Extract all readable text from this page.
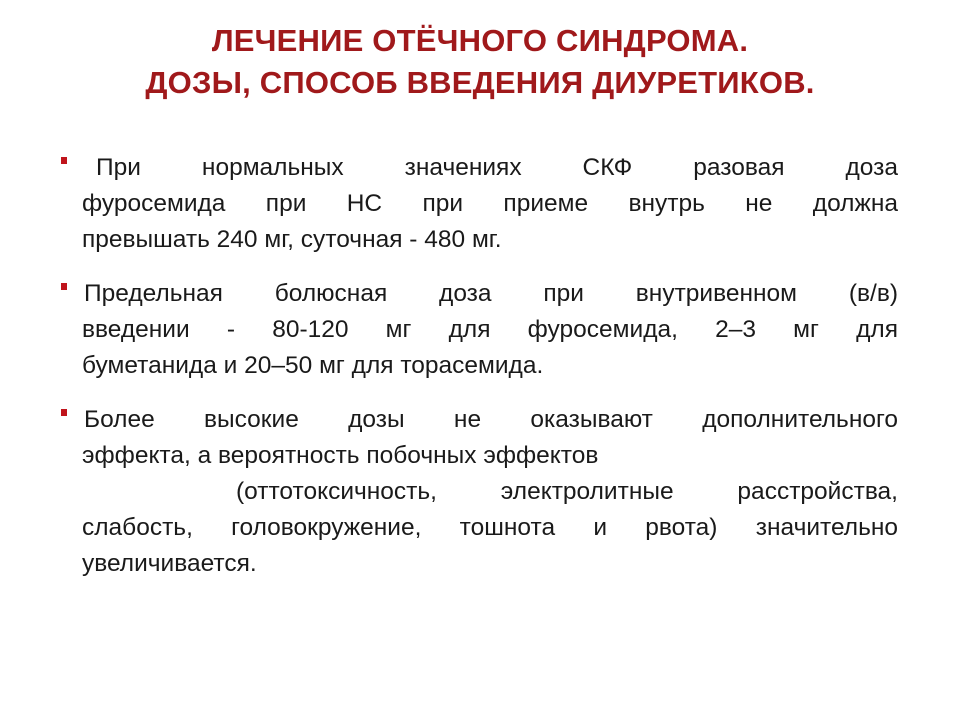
ЛЕЧЕНИЕ ОТЁЧНОГО СИНДРОМА.
ДОЗЫ, СПОСОБ ВВЕДЕНИЯ ДИУРЕТИКОВ.
При нормальных значениях СКФ разовая доза
фуросемида при НС при приеме внутрь не должна
превышать 240 мг, суточная - 480 мг.
Предельная болюсная доза при внутривенном (в/в)
введении - 80-120 мг для фуросемида, 2–3 мг для
буметанида и 20–50 мг для торасемида.
Более высокие дозы не оказывают дополнительного
эффекта, а вероятность побочных эффектов
(оттотоксичность, электролитные расстройства,
слабость, головокружение, тошнота и рвота) значительно
увеличивается.
